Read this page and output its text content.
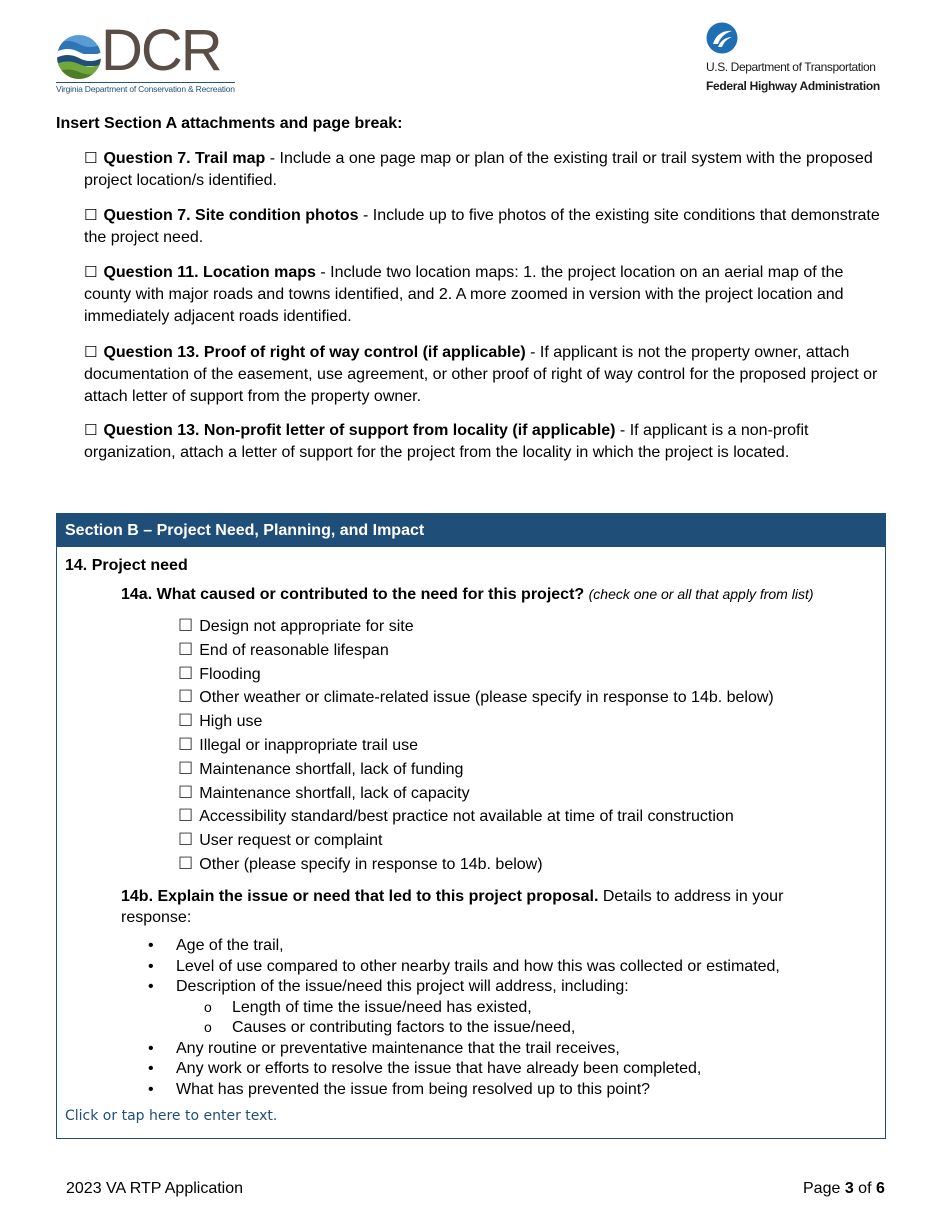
DCR
Virginia Department of Conservation & Recreation
U.S. Department of Transportation
Federal Highway Administration
Insert Section A attachments and page break:
☐ Question 7. Trail map - Include a one page map or plan of the existing trail or trail system with the proposed project location/s identified.
☐ Question 7. Site condition photos - Include up to five photos of the existing site conditions that demonstrate the project need.
☐ Question 11. Location maps - Include two location maps: 1. the project location on an aerial map of the county with major roads and towns identified, and 2. A more zoomed in version with the project location and immediately adjacent roads identified.
☐ Question 13. Proof of right of way control (if applicable) - If applicant is not the property owner, attach documentation of the easement, use agreement, or other proof of right of way control for the proposed project or attach letter of support from the property owner.
☐ Question 13. Non-profit letter of support from locality (if applicable) - If applicant is a non-profit organization, attach a letter of support for the project from the locality in which the project is located.
Section B – Project Need, Planning, and Impact
14. Project need
14a. What caused or contributed to the need for this project? (check one or all that apply from list)
☐ Design not appropriate for site
☐ End of reasonable lifespan
☐ Flooding
☐ Other weather or climate-related issue (please specify in response to 14b. below)
☐ High use
☐ Illegal or inappropriate trail use
☐ Maintenance shortfall, lack of funding
☐ Maintenance shortfall, lack of capacity
☐ Accessibility standard/best practice not available at time of trail construction
☐ User request or complaint
☐ Other (please specify in response to 14b. below)
14b. Explain the issue or need that led to this project proposal. Details to address in your response:
• Age of the trail,
• Level of use compared to other nearby trails and how this was collected or estimated,
• Description of the issue/need this project will address, including:
o Length of time the issue/need has existed,
o Causes or contributing factors to the issue/need,
• Any routine or preventative maintenance that the trail receives,
• Any work or efforts to resolve the issue that have already been completed,
• What has prevented the issue from being resolved up to this point?
Click or tap here to enter text.
2023 VA RTP Application	Page 3 of 6
